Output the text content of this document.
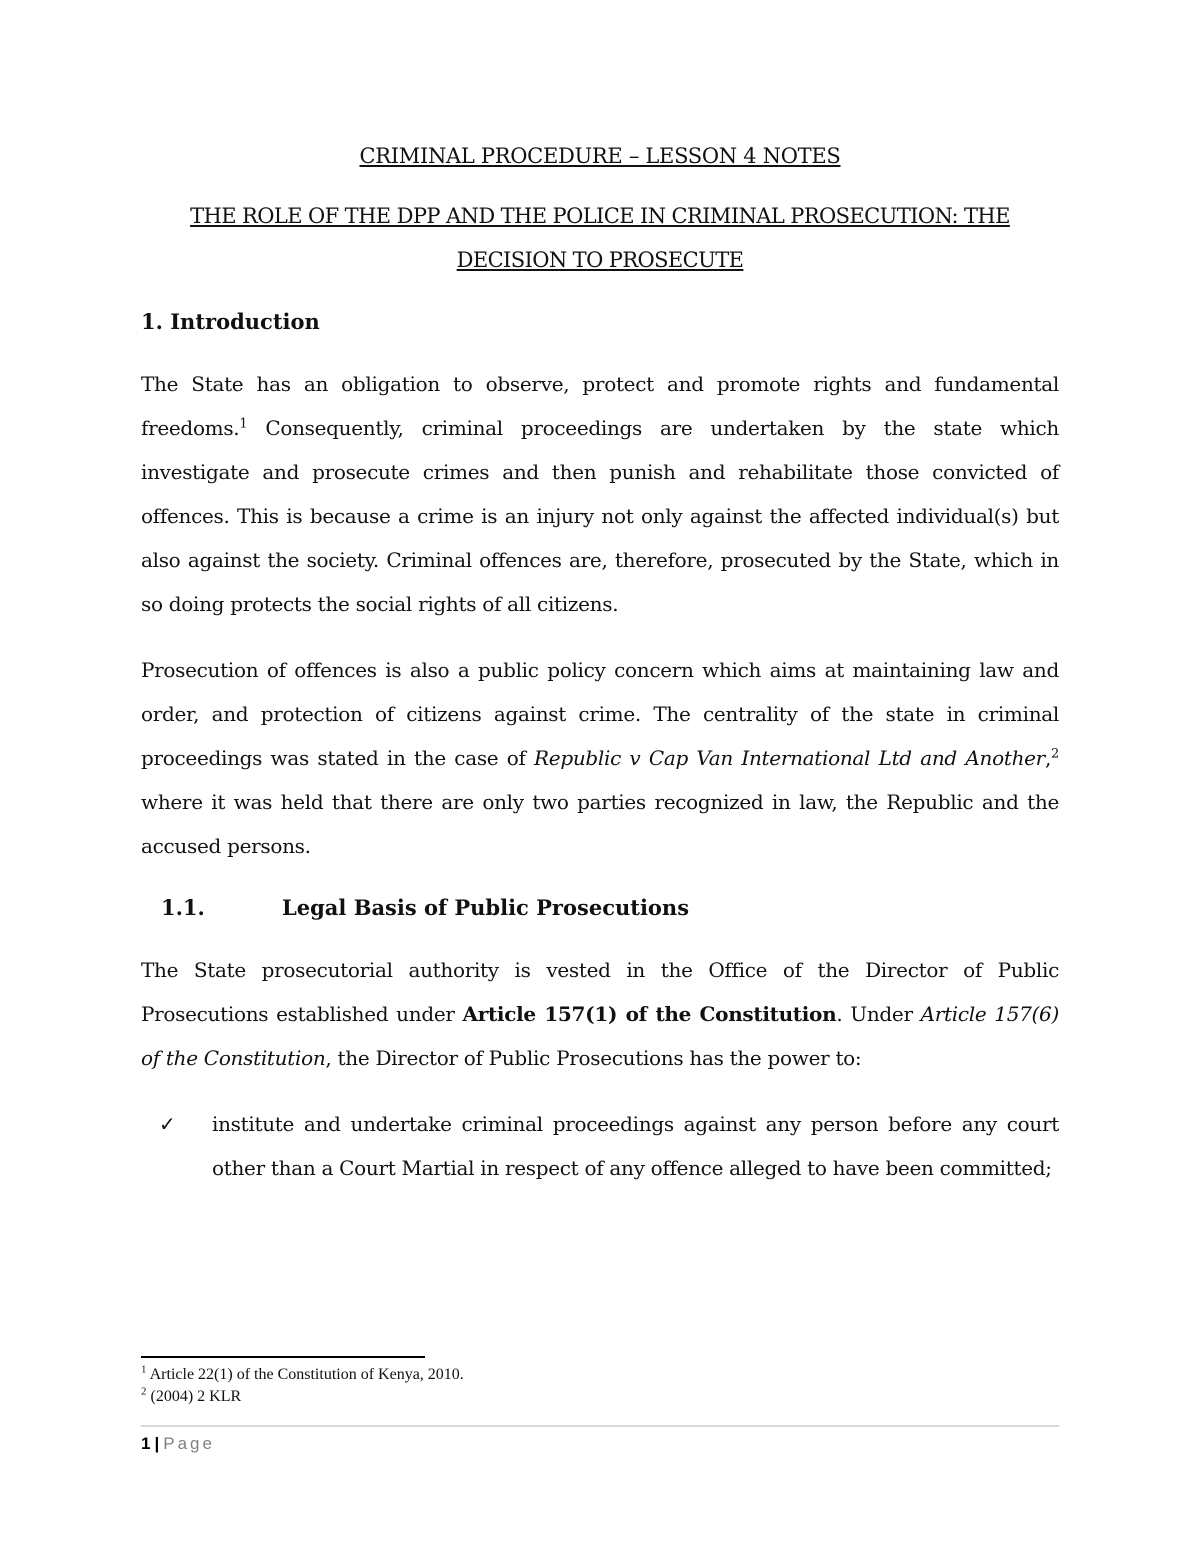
CRIMINAL PROCEDURE – LESSON 4 NOTES
THE ROLE OF THE DPP AND THE POLICE IN CRIMINAL PROSECUTION: THE
DECISION TO PROSECUTE
1. Introduction

The State has an obligation to observe, protect and promote rights and fundamental freedoms.$^1$ Consequently, criminal proceedings are undertaken by the state which investigate and prosecute crimes and then punish and rehabilitate those convicted of offences. This is because a crime is an injury not only against the affected individual(s) but also against the society. Criminal offences are, therefore, prosecuted by the State, which in so doing protects the social rights of all citizens.

Prosecution of offences is also a public policy concern which aims at maintaining law and order, and protection of citizens against crime. The centrality of the state in criminal proceedings was stated in the case of Republic v Cap Van International Ltd and Another,$^2$ where it was held that there are only two parties recognized in law, the Republic and the accused persons.

1.1.	Legal Basis of Public Prosecutions

The State prosecutorial authority is vested in the Office of the Director of Public Prosecutions established under Article 157(1) of the Constitution. Under Article 157(6) of the Constitution, the Director of Public Prosecutions has the power to:

✓	institute and undertake criminal proceedings against any person before any court other than a Court Martial in respect of any offence alleged to have been committed;
$^1$ Article 22(1) of the Constitution of Kenya, 2010.
$^2$ (2004) 2 KLR
1 | Page
